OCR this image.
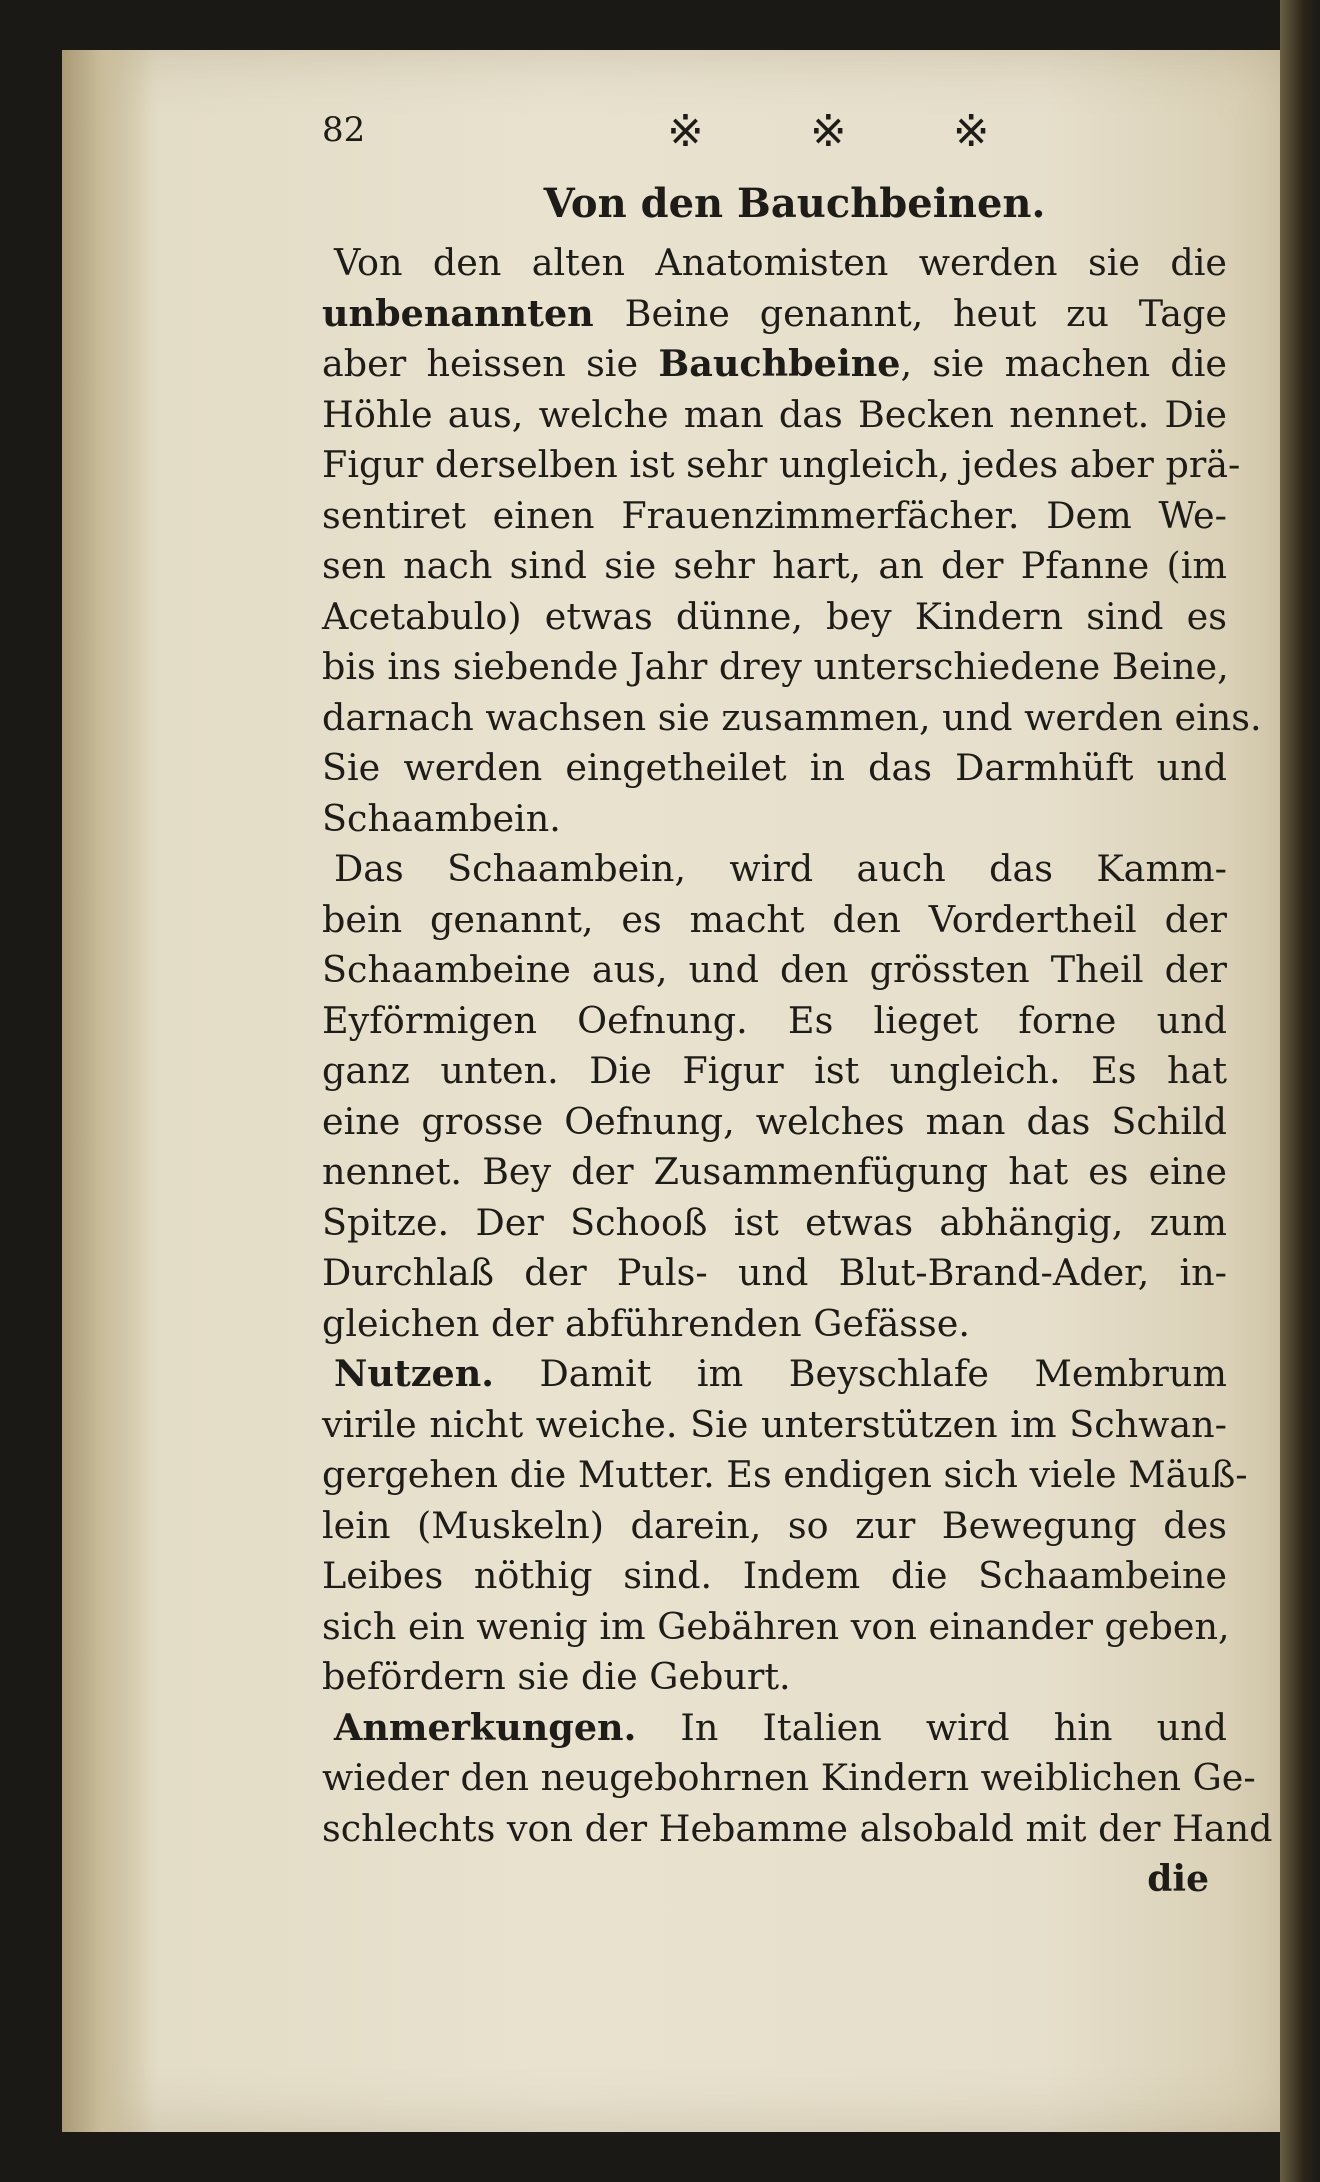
82	※ ※ ※
Von den Bauchbeinen.
Von den alten Anatomisten werden sie die
unbenannten Beine genannt, heut zu Tage
aber heissen sie Bauchbeine, sie machen die
Höhle aus, welche man das Becken nennet. Die
Figur derselben ist sehr ungleich, jedes aber prä-
sentiret einen Frauenzimmerfächer. Dem We-
sen nach sind sie sehr hart, an der Pfanne (im
Acetabulo) etwas dünne, bey Kindern sind es
bis ins siebende Jahr drey unterschiedene Beine,
darnach wachsen sie zusammen, und werden eins.
Sie werden eingetheilet in das Darmhüft und
Schaambein.
Das Schaambein, wird auch das Kamm-
bein genannt, es macht den Vordertheil der
Schaambeine aus, und den grössten Theil der
Eyförmigen Oefnung. Es lieget forne und
ganz unten. Die Figur ist ungleich. Es hat
eine grosse Oefnung, welches man das Schild
nennet. Bey der Zusammenfügung hat es eine
Spitze. Der Schooß ist etwas abhängig, zum
Durchlaß der Puls- und Blut-Brand-Ader, in-
gleichen der abführenden Gefässe.
Nutzen. Damit im Beyschlafe Membrum
virile nicht weiche. Sie unterstützen im Schwan-
gergehen die Mutter. Es endigen sich viele Mäuß-
lein (Muskeln) darein, so zur Bewegung des
Leibes nöthig sind. Indem die Schaambeine
sich ein wenig im Gebähren von einander geben,
befördern sie die Geburt.
Anmerkungen. In Italien wird hin und
wieder den neugebohrnen Kindern weiblichen Ge-
schlechts von der Hebamme alsobald mit der Hand
die
